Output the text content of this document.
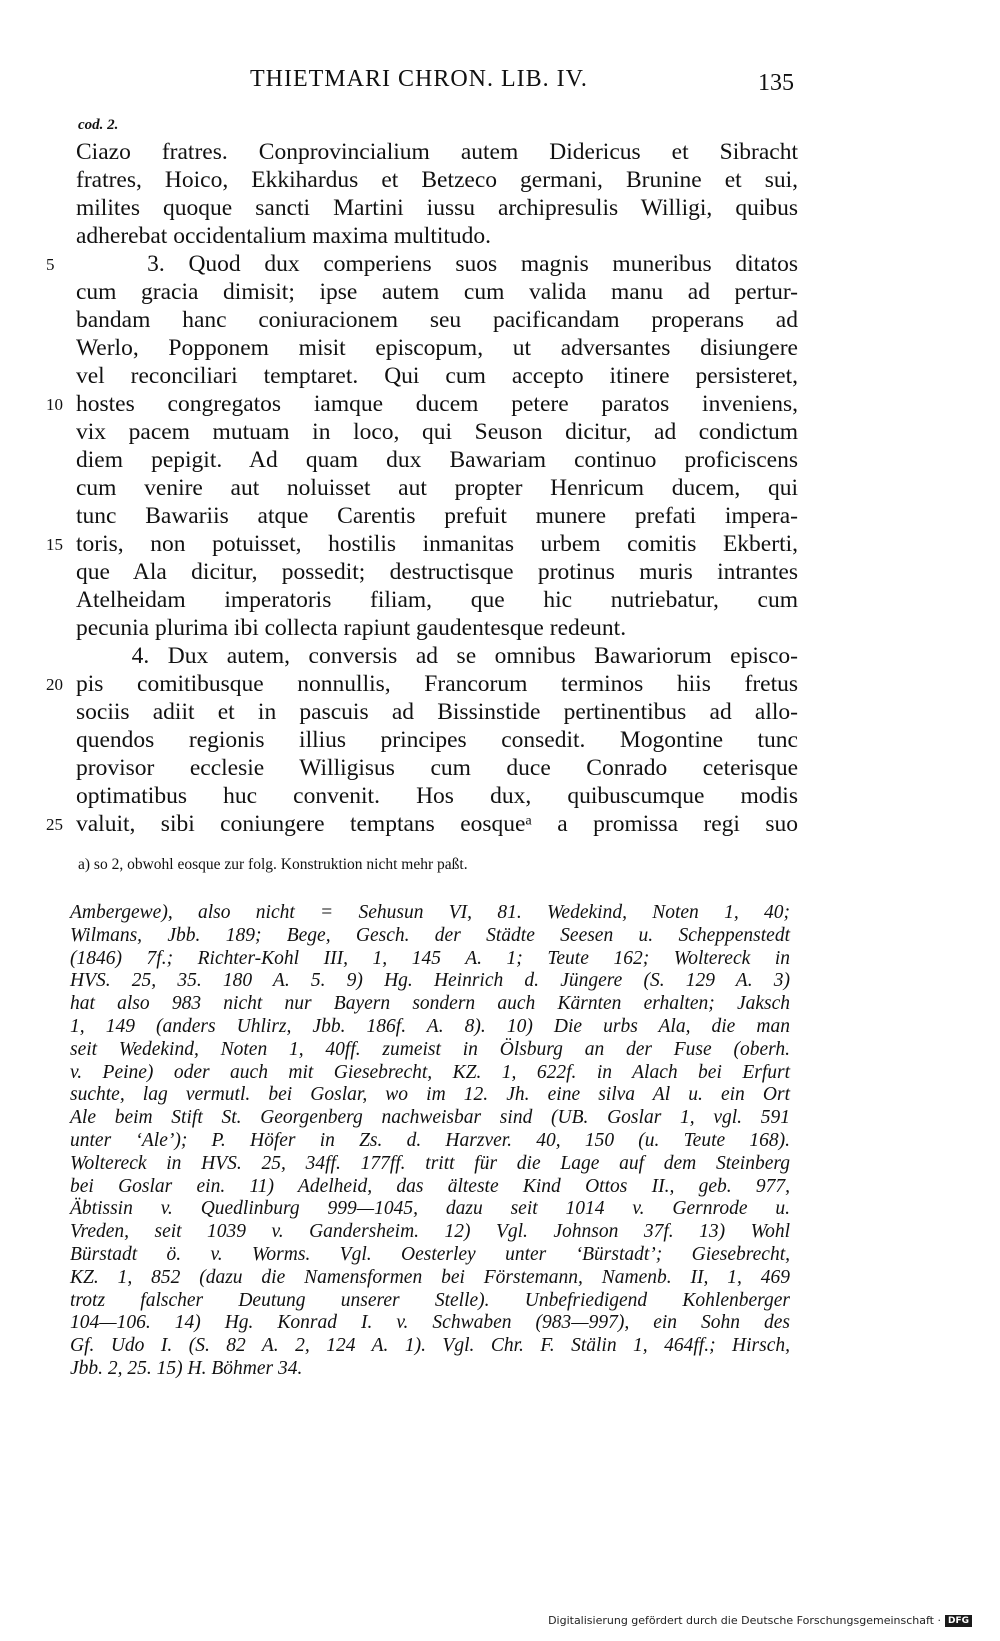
THIETMARI CHRON. LIB. IV.	135
cod. 2.
Ciazo fratres. Conprovincialium autem Didericus et Sibracht
fratres, Hoico, Ekkihardus et Betzeco germani, Brunine et sui,
milites quoque sancti Martini iussu archipresulis Willigi, quibus
adherebat occidentalium maxima multitudo.
5 3. Quod dux comperiens suos magnis muneribus ditatos
cum gracia dimisit; ipse autem cum valida manu ad pertur-
bandam hanc coniuracionem seu pacificandam properans ad
Werlo, Popponem misit episcopum, ut adversantes disiungere
vel reconciliari temptaret. Qui cum accepto itinere persisteret,
10 hostes congregatos iamque ducem petere paratos inveniens,
vix pacem mutuam in loco, qui Seuson dicitur, ad condictum
diem pepigit. Ad quam dux Bawariam continuo proficiscens
cum venire aut noluisset aut propter Henricum ducem, qui
tunc Bawariis atque Carentis prefuit munere prefati impera-
15 toris, non potuisset, hostilis inmanitas urbem comitis Ekberti,
que Ala dicitur, possedit; destructisque protinus muris intrantes
Atelheidam imperatoris filiam, que hic nutriebatur, cum
pecunia plurima ibi collecta rapiunt gaudentesque redeunt.
4. Dux autem, conversis ad se omnibus Bawariorum episco-
20 pis comitibusque nonnullis, Francorum terminos hiis fretus
sociis adiit et in pascuis ad Bissinstide pertinentibus ad allo-
quendos regionis illius principes consedit. Mogontine tunc
provisor ecclesie Willigisus cum duce Conrado ceterisque
optimatibus huc convenit. Hos dux, quibuscumque modis
25 valuit, sibi coniungere temptans eosqueᵃ a promissa regi suo
a) so 2, obwohl eosque zur folg. Konstruktion nicht mehr paßt.
Ambergewe), also nicht = Sehusun VI, 81. Wedekind, Noten 1, 40;
Wilmans, Jbb. 189; Bege, Gesch. der Städte Seesen u. Scheppenstedt
(1846) 7f.; Richter-Kohl III, 1, 145 A. 1; Teute 162; Woltereck in
HVS. 25, 35. 180 A. 5. 9) Hg. Heinrich d. Jüngere (S. 129 A. 3)
hat also 983 nicht nur Bayern sondern auch Kärnten erhalten; Jaksch
1, 149 (anders Uhlirz, Jbb. 186f. A. 8). 10) Die urbs Ala, die man
seit Wedekind, Noten 1, 40ff. zumeist in Ölsburg an der Fuse (oberh.
v. Peine) oder auch mit Giesebrecht, KZ. 1, 622f. in Alach bei Erfurt
suchte, lag vermutl. bei Goslar, wo im 12. Jh. eine silva Al u. ein Ort
Ale beim Stift St. Georgenberg nachweisbar sind (UB. Goslar 1, vgl. 591
unter ‘Ale’); P. Höfer in Zs. d. Harzver. 40, 150 (u. Teute 168).
Woltereck in HVS. 25, 34ff. 177ff. tritt für die Lage auf dem Steinberg
bei Goslar ein. 11) Adelheid, das älteste Kind Ottos II., geb. 977,
Äbtissin v. Quedlinburg 999—1045, dazu seit 1014 v. Gernrode u.
Vreden, seit 1039 v. Gandersheim. 12) Vgl. Johnson 37f. 13) Wohl
Bürstadt ö. v. Worms. Vgl. Oesterley unter ‘Bürstadt’; Giesebrecht,
KZ. 1, 852 (dazu die Namensformen bei Förstemann, Namenb. II, 1, 469
trotz falscher Deutung unserer Stelle). Unbefriedigend Kohlenberger
104—106. 14) Hg. Konrad I. v. Schwaben (983—997), ein Sohn des
Gf. Udo I. (S. 82 A. 2, 124 A. 1). Vgl. Chr. F. Stälin 1, 464ff.; Hirsch,
Jbb. 2, 25. 15) H. Böhmer 34.
Digitalisierung gefördert durch die Deutsche Forschungsgemeinschaft · DFG
